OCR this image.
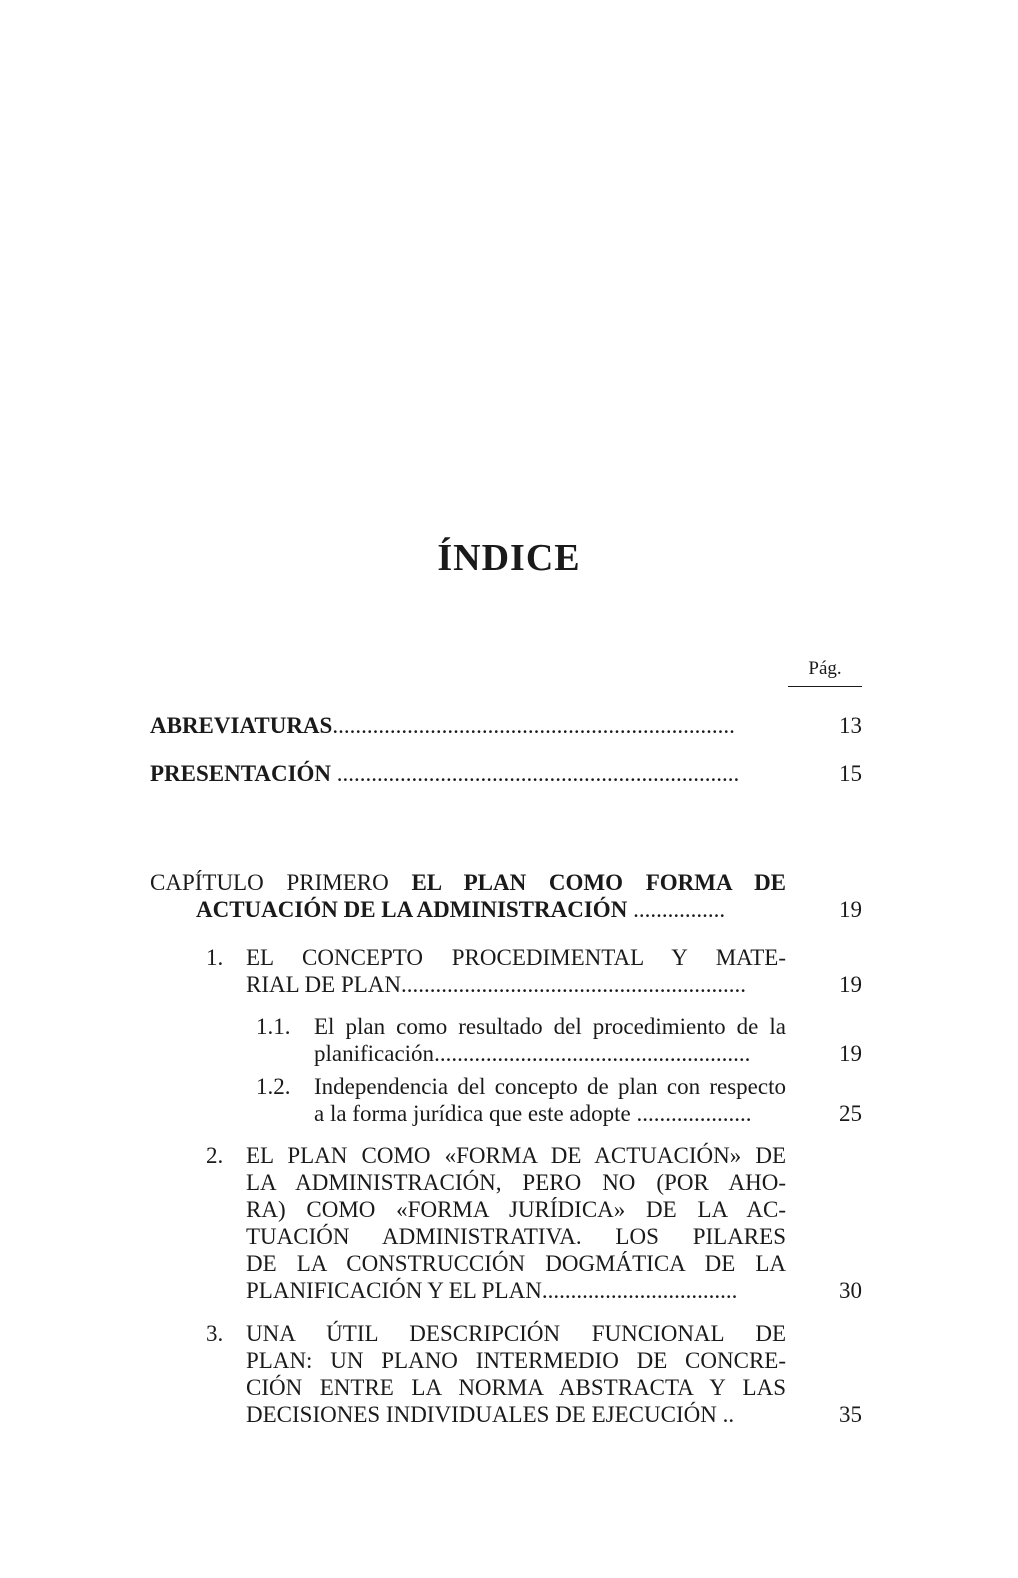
ÍNDICE
Pág.
ABREVIATURAS......................................................................	13
PRESENTACIÓN ......................................................................	15
CAPÍTULO PRIMERO EL PLAN COMO FORMA DE
ACTUACIÓN DE LA ADMINISTRACIÓN ................	19
1. EL CONCEPTO PROCEDIMENTAL Y MATE-
RIAL DE PLAN............................................................	19
1.1. El plan como resultado del procedimiento de la
planificación.......................................................	19
1.2. Independencia del concepto de plan con respecto
a la forma jurídica que este adopte ....................	25
2. EL PLAN COMO «FORMA DE ACTUACIÓN» DE
LA ADMINISTRACIÓN, PERO NO (POR AHO-
RA) COMO «FORMA JURÍDICA» DE LA AC-
TUACIÓN ADMINISTRATIVA. LOS PILARES
DE LA CONSTRUCCIÓN DOGMÁTICA DE LA
PLANIFICACIÓN Y EL PLAN..................................	30
3. UNA ÚTIL DESCRIPCIÓN FUNCIONAL DE
PLAN: UN PLANO INTERMEDIO DE CONCRE-
CIÓN ENTRE LA NORMA ABSTRACTA Y LAS
DECISIONES INDIVIDUALES DE EJECUCIÓN ..	35
